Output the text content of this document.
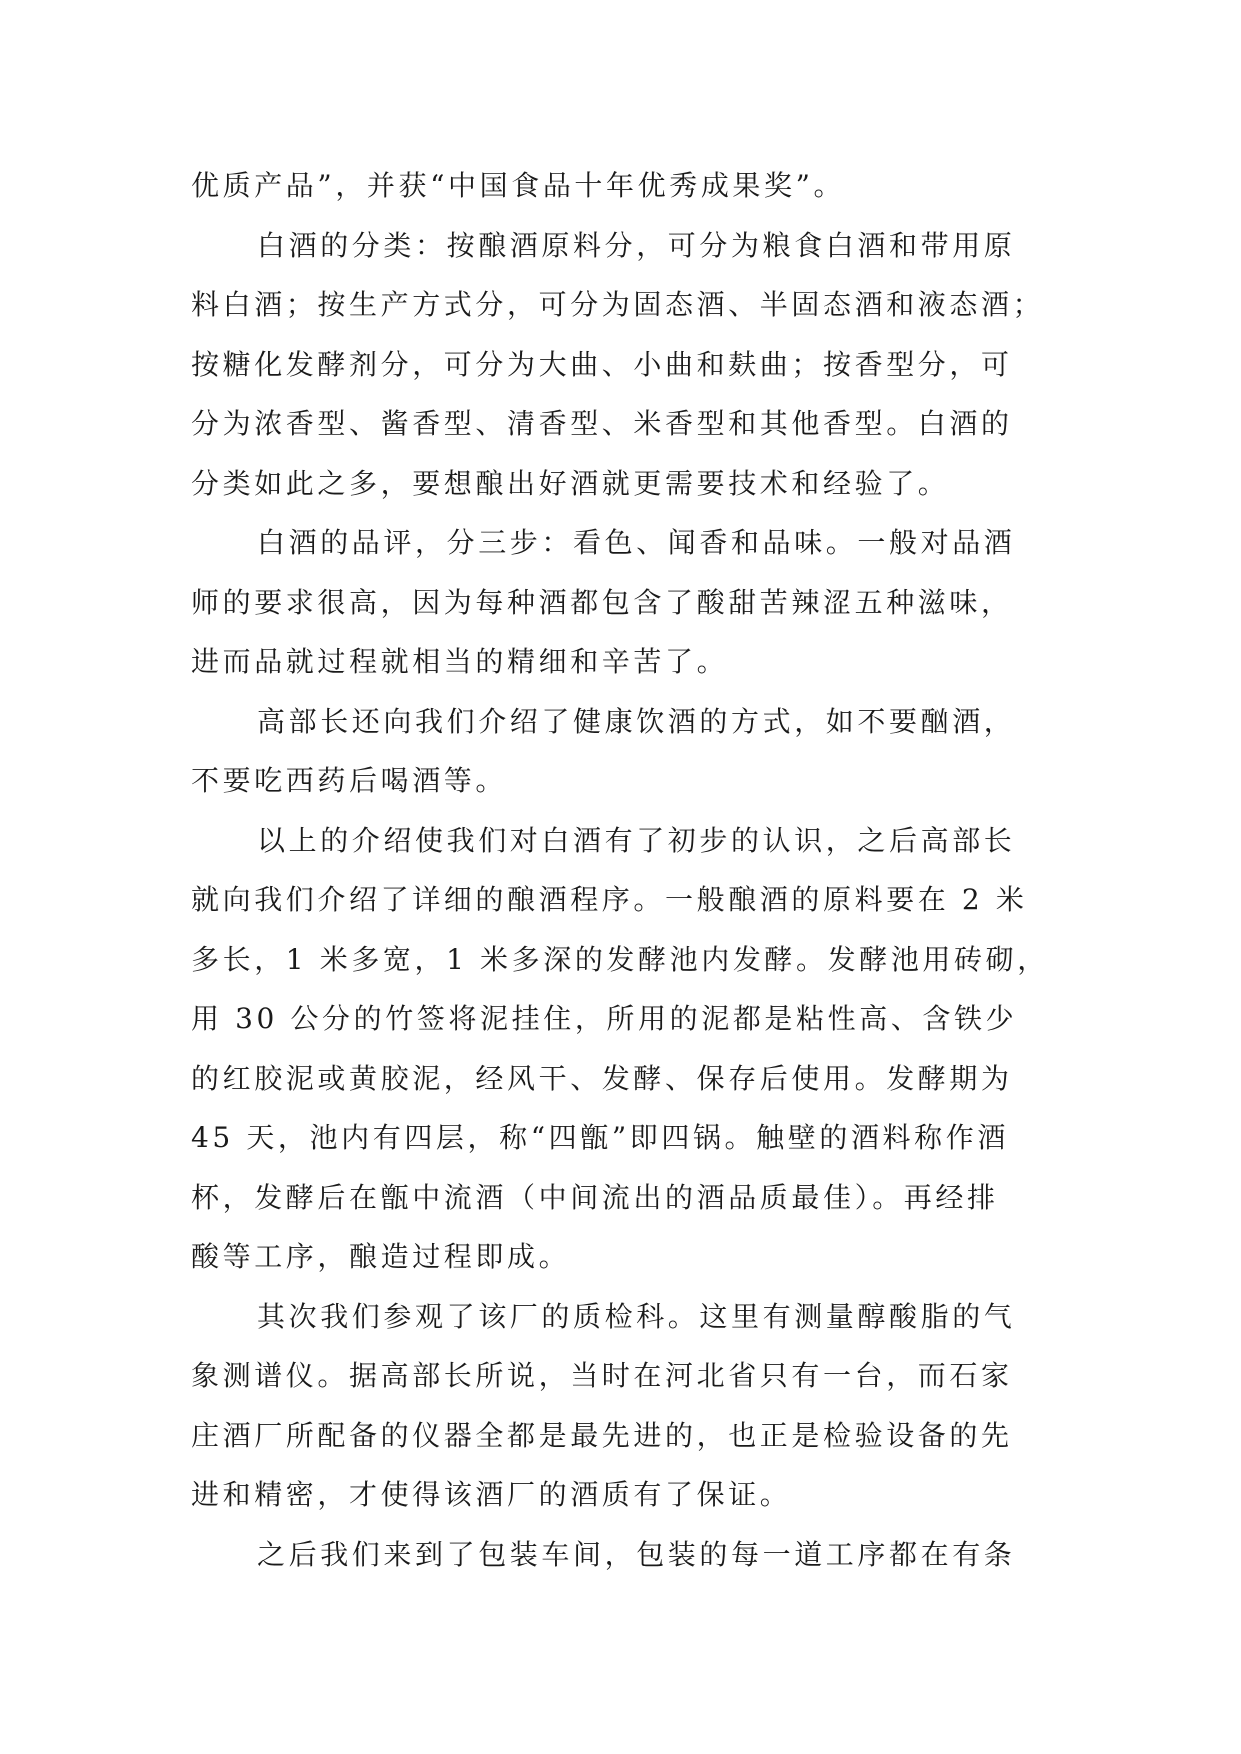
优质产品”，并获“中国食品十年优秀成果奖”。
白酒的分类：按酿酒原料分，可分为粮食白酒和带用原
料白酒；按生产方式分，可分为固态酒、半固态酒和液态酒；
按糖化发酵剂分，可分为大曲、小曲和麸曲；按香型分，可
分为浓香型、酱香型、清香型、米香型和其他香型。白酒的
分类如此之多，要想酿出好酒就更需要技术和经验了。
白酒的品评，分三步：看色、闻香和品味。一般对品酒
师的要求很高，因为每种酒都包含了酸甜苦辣涩五种滋味，
进而品就过程就相当的精细和辛苦了。
高部长还向我们介绍了健康饮酒的方式，如不要酗酒，
不要吃西药后喝酒等。
以上的介绍使我们对白酒有了初步的认识，之后高部长
就向我们介绍了详细的酿酒程序。一般酿酒的原料要在 2 米
多长，1 米多宽，1 米多深的发酵池内发酵。发酵池用砖砌，
用 30 公分的竹签将泥挂住，所用的泥都是粘性高、含铁少
的红胶泥或黄胶泥，经风干、发酵、保存后使用。发酵期为
45 天，池内有四层，称“四甑”即四锅。触壁的酒料称作酒
杯，发酵后在甑中流酒（中间流出的酒品质最佳）。再经排
酸等工序，酿造过程即成。
其次我们参观了该厂的质检科。这里有测量醇酸脂的气
象测谱仪。据高部长所说，当时在河北省只有一台，而石家
庄酒厂所配备的仪器全都是最先进的，也正是检验设备的先
进和精密，才使得该酒厂的酒质有了保证。
之后我们来到了包装车间，包装的每一道工序都在有条
